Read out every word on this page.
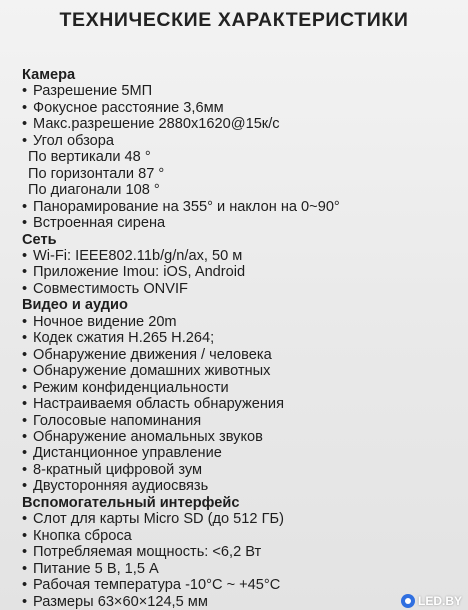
ТЕХНИЧЕСКИЕ ХАРАКТЕРИСТИКИ
Камера
• Разрешение 5МП
• Фокусное расстояние 3,6мм
• Макс.разрешение 2880x1620@15к/с
• Угол обзора
По вертикали 48 °
По горизонтали 87 °
По диагонали 108 °
• Панорамирование на 355° и наклон на 0~90°
• Встроенная сирена
Сеть
• Wi-Fi: IEEE802.11b/g/n/ax, 50 м
• Приложение Imou: iOS, Android
• Совместимость ONVIF
Видео и аудио
• Ночное видение 20m
• Кодек сжатия H.265 H.264;
• Обнаружение движения / человека
• Обнаружение домашних животных
• Режим конфиденциальности
• Настраиваемя область обнаружения
• Голосовые напоминания
• Обнаружение аномальных звуков
• Дистанционное управление
• 8-кратный цифровой зум
• Двусторонняя аудиосвязь
Вспомогательный интерфейс
• Слот для карты Micro SD (до 512 ГБ)
• Кнопка сброса
• Потребляемая мощность: <6,2 Вт
• Питание 5 В, 1,5 А
• Рабочая температура -10°C ~ +45°C
• Размеры 63×60×124,5 мм	LED.BY
